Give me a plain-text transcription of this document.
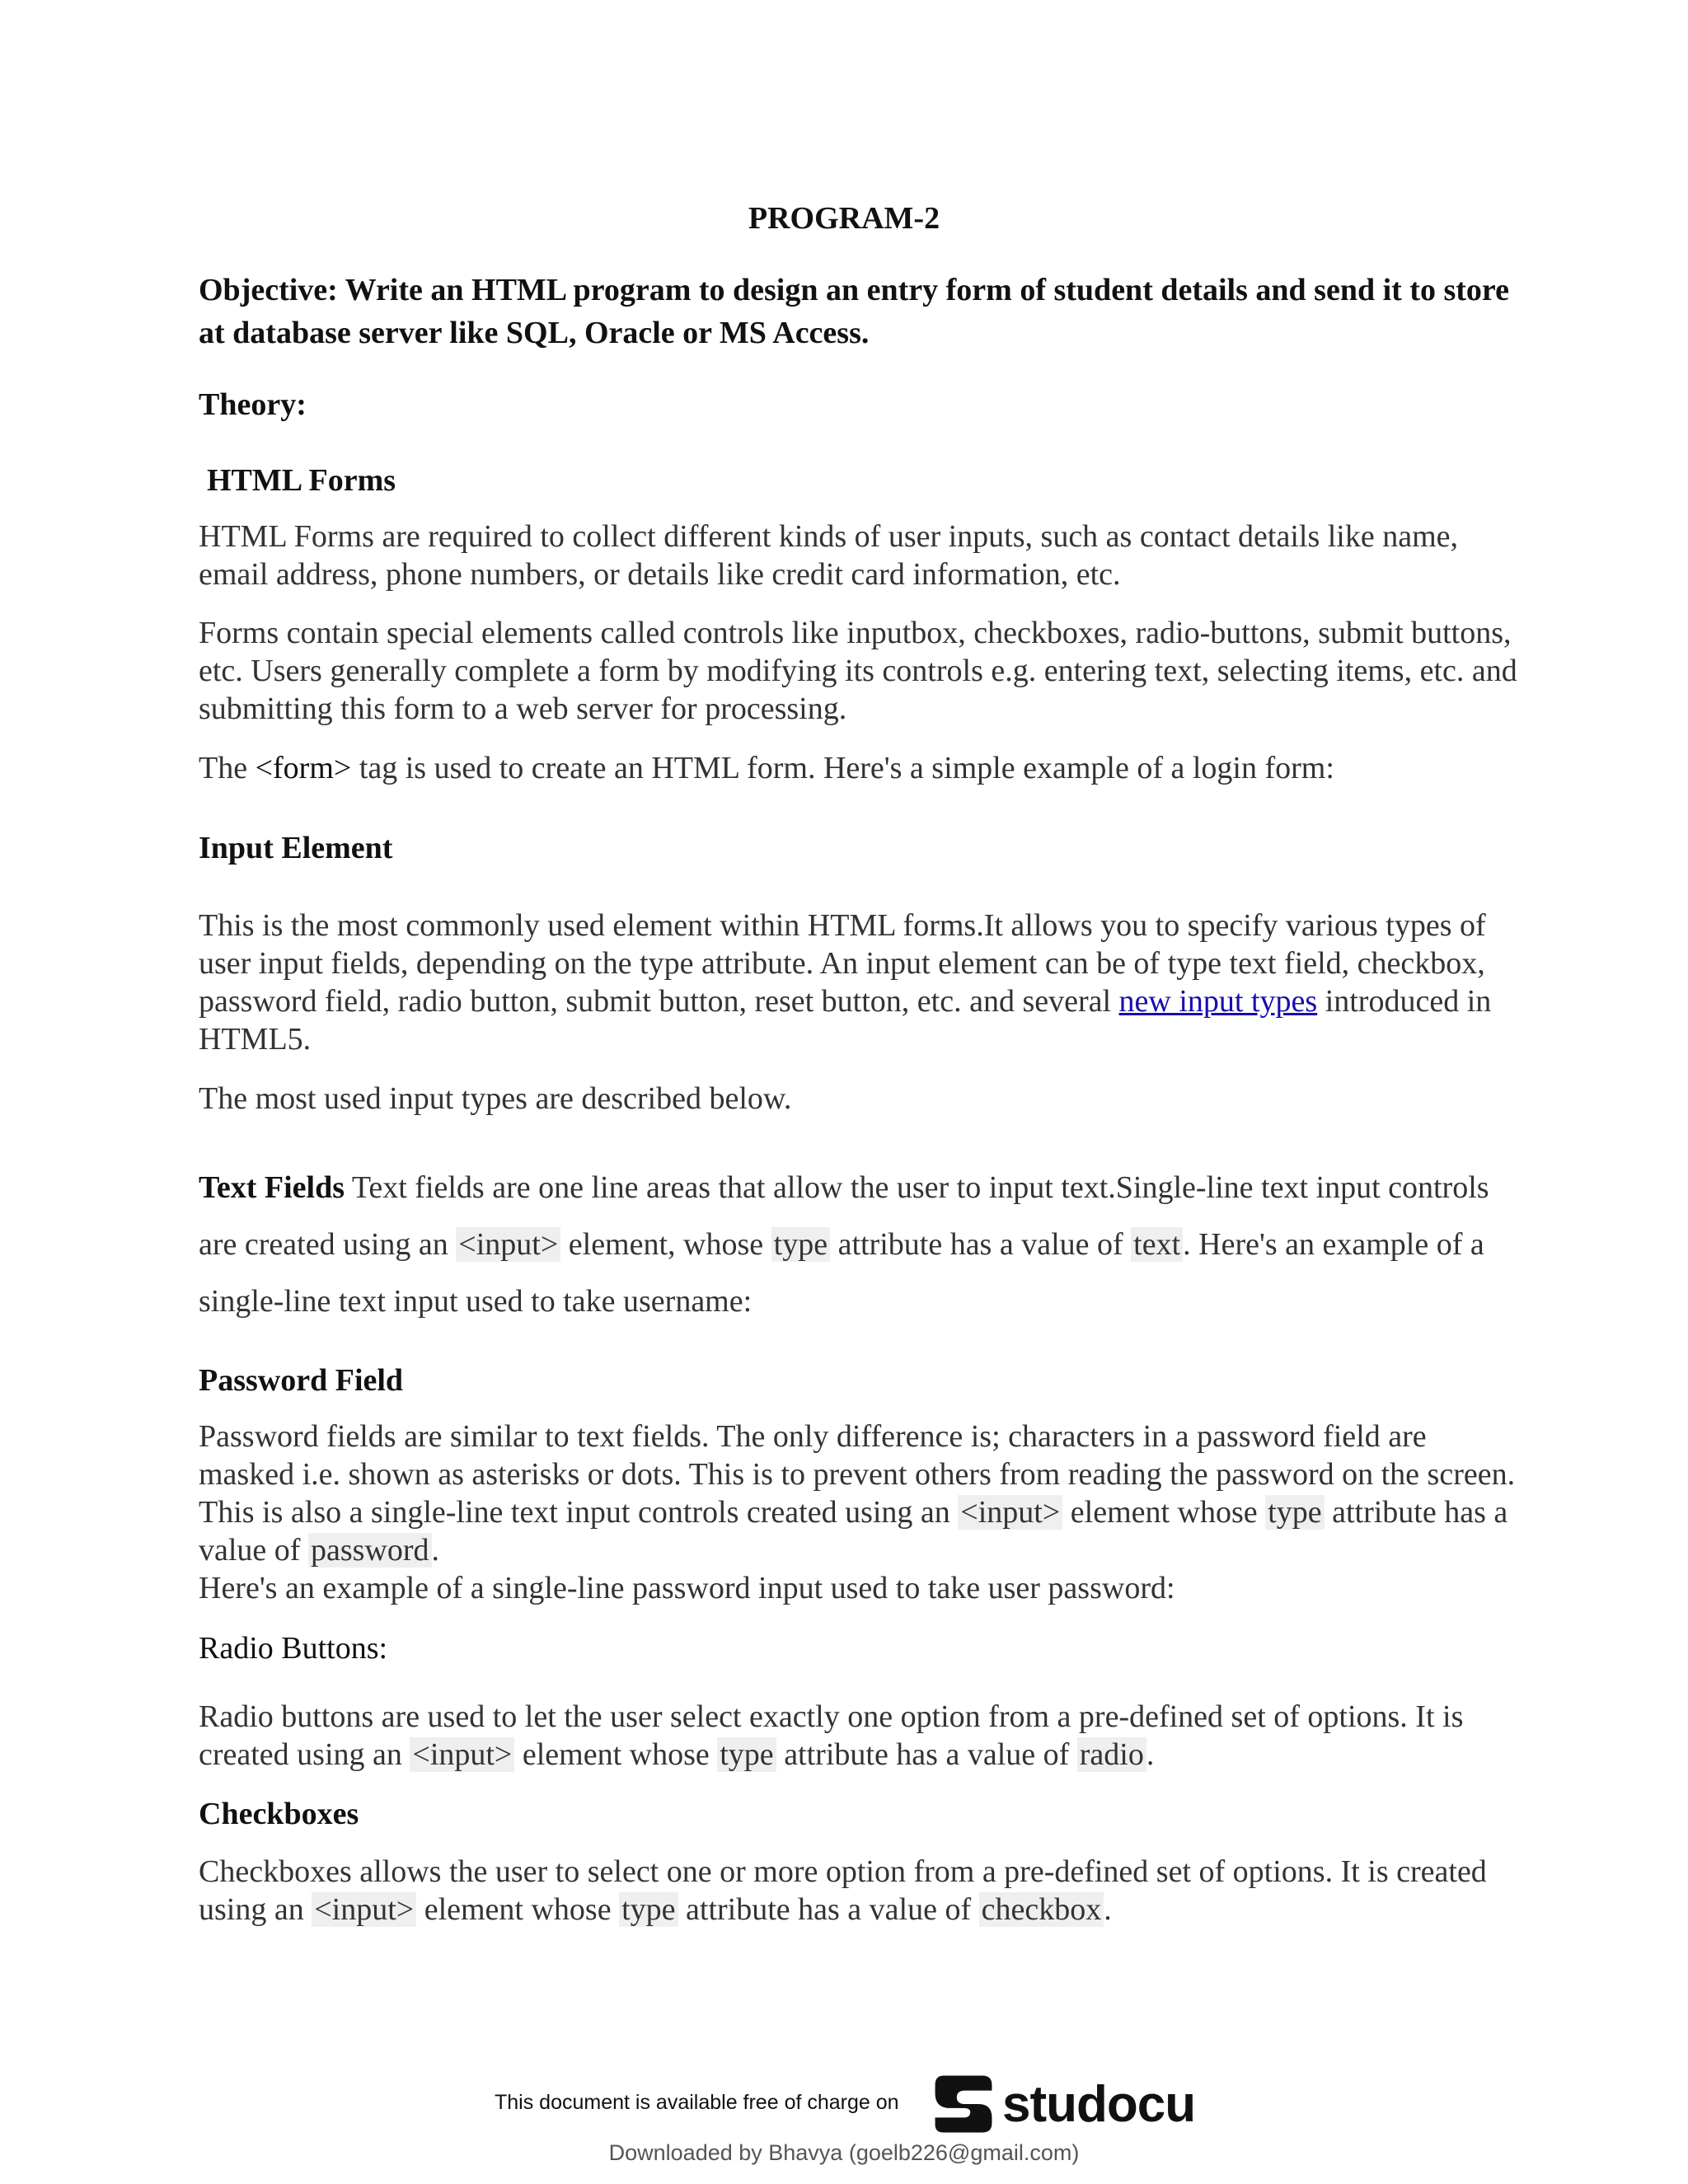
PROGRAM-2

Objective: Write an HTML program to design an entry form of student details and send it to store at database server like SQL, Oracle or MS Access.

Theory:

HTML Forms

HTML Forms are required to collect different kinds of user inputs, such as contact details like name, email address, phone numbers, or details like credit card information, etc.

Forms contain special elements called controls like inputbox, checkboxes, radio-buttons, submit buttons, etc. Users generally complete a form by modifying its controls e.g. entering text, selecting items, etc. and submitting this form to a web server for processing.

The <form> tag is used to create an HTML form. Here's a simple example of a login form:

Input Element

This is the most commonly used element within HTML forms.It allows you to specify various types of user input fields, depending on the type attribute. An input element can be of type text field, checkbox, password field, radio button, submit button, reset button, etc. and several new input types introduced in HTML5.

The most used input types are described below.

Text Fields Text fields are one line areas that allow the user to input text.Single-line text input controls are created using an <input> element, whose type attribute has a value of text. Here's an example of a single-line text input used to take username:

Password Field

Password fields are similar to text fields. The only difference is; characters in a password field are masked i.e. shown as asterisks or dots. This is to prevent others from reading the password on the screen. This is also a single-line text input controls created using an <input> element whose type attribute has a value of password.
Here's an example of a single-line password input used to take user password:

Radio Buttons:

Radio buttons are used to let the user select exactly one option from a pre-defined set of options. It is created using an <input> element whose type attribute has a value of radio.

Checkboxes

Checkboxes allows the user to select one or more option from a pre-defined set of options. It is created using an <input> element whose type attribute has a value of checkbox.

This document is available free of charge on studocu

Downloaded by Bhavya (goelb226@gmail.com)
